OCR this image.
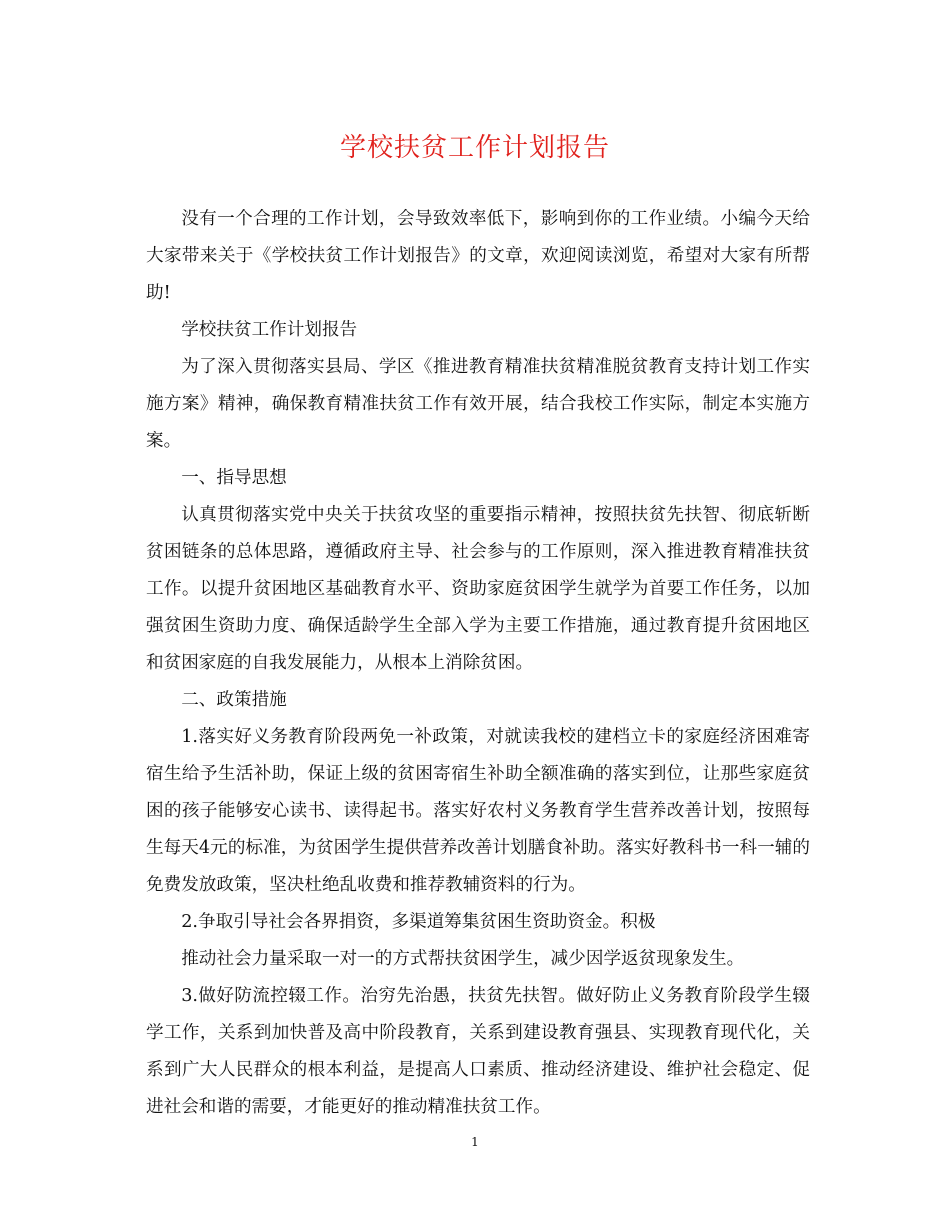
学校扶贫工作计划报告

没有一个合理的工作计划，会导致效率低下，影响到你的工作业绩。小编今天给大家带来关于《学校扶贫工作计划报告》的文章，欢迎阅读浏览，希望对大家有所帮助!

学校扶贫工作计划报告

为了深入贯彻落实县局、学区《推进教育精准扶贫精准脱贫教育支持计划工作实施方案》精神，确保教育精准扶贫工作有效开展，结合我校工作实际，制定本实施方案。

一、指导思想

认真贯彻落实党中央关于扶贫攻坚的重要指示精神，按照扶贫先扶智、彻底斩断贫困链条的总体思路，遵循政府主导、社会参与的工作原则，深入推进教育精准扶贫工作。以提升贫困地区基础教育水平、资助家庭贫困学生就学为首要工作任务，以加强贫困生资助力度、确保适龄学生全部入学为主要工作措施，通过教育提升贫困地区和贫困家庭的自我发展能力，从根本上消除贫困。

二、政策措施

1.落实好义务教育阶段两免一补政策，对就读我校的建档立卡的家庭经济困难寄宿生给予生活补助，保证上级的贫困寄宿生补助全额准确的落实到位，让那些家庭贫困的孩子能够安心读书、读得起书。落实好农村义务教育学生营养改善计划，按照每生每天4元的标准，为贫困学生提供营养改善计划膳食补助。落实好教科书一科一辅的免费发放政策，坚决杜绝乱收费和推荐教辅资料的行为。

2.争取引导社会各界捐资，多渠道筹集贫困生资助资金。积极

推动社会力量采取一对一的方式帮扶贫困学生，减少因学返贫现象发生。

3.做好防流控辍工作。治穷先治愚，扶贫先扶智。做好防止义务教育阶段学生辍学工作，关系到加快普及高中阶段教育，关系到建设教育强县、实现教育现代化，关系到广大人民群众的根本利益，是提高人口素质、推动经济建设、维护社会稳定、促进社会和谐的需要，才能更好的推动精准扶贫工作。

1
